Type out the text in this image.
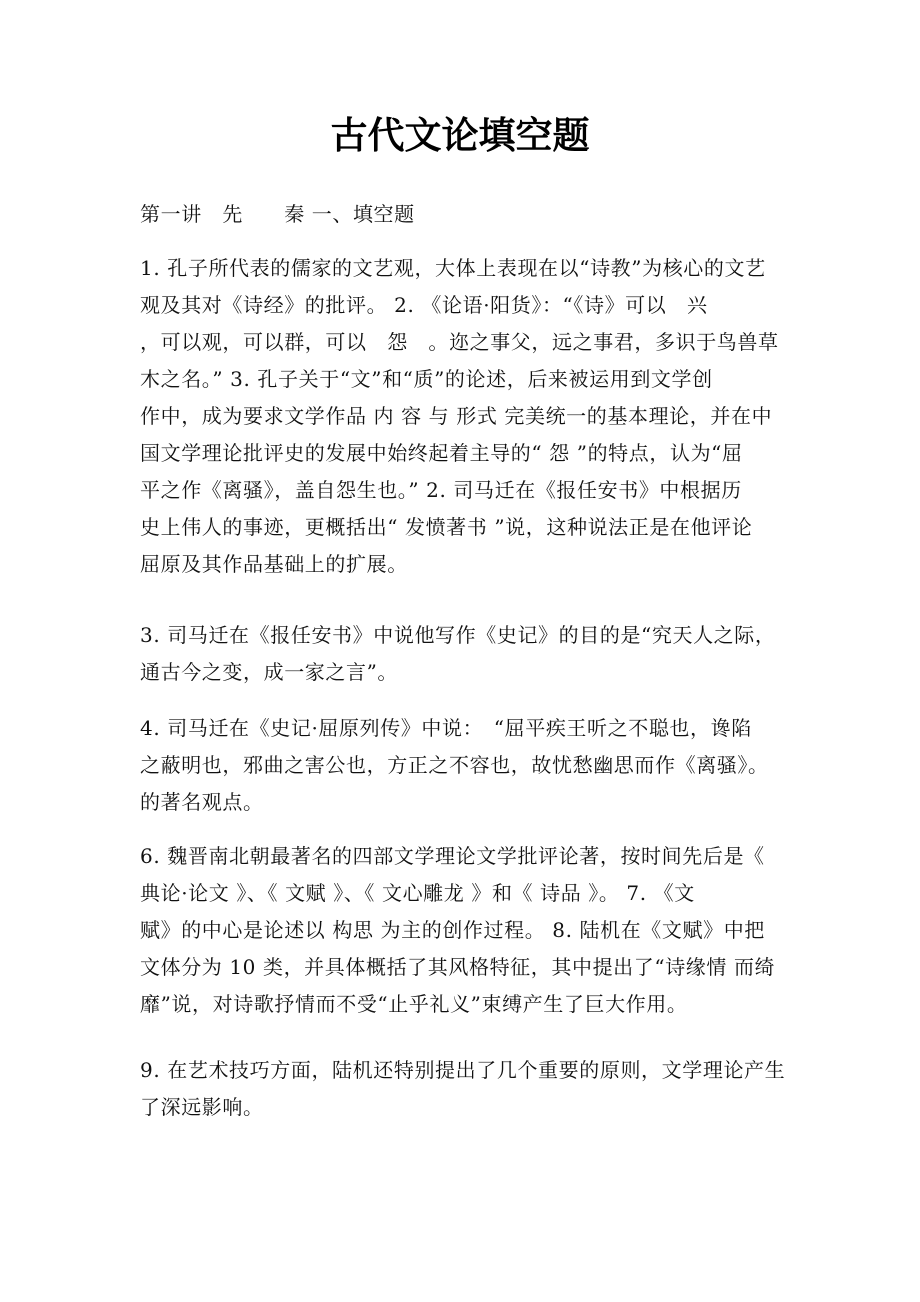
古代文论填空题
第一讲　先　　秦 一、填空题
1. 孔子所代表的儒家的文艺观，大体上表现在以“诗教”为核心的文艺
观及其对《诗经》的批评。 2. 《论语·阳货》：“《诗》可以　兴
，可以观，可以群，可以　怨　。迩之事父，远之事君，多识于鸟兽草
木之名。” 3. 孔子关于“文”和“质”的论述，后来被运用到文学创
作中，成为要求文学作品 内 容 与 形式 完美统一的基本理论，并在中
国文学理论批评史的发展中始终起着主导的“ 怨 ”的特点，认为“屈
平之作《离骚》，盖自怨生也。” 2. 司马迁在《报任安书》中根据历
史上伟人的事迹，更概括出“ 发愤著书 ”说，这种说法正是在他评论
屈原及其作品基础上的扩展。
3. 司马迁在《报任安书》中说他写作《史记》的目的是“究天人之际，
通古今之变，成一家之言”。
4. 司马迁在《史记·屈原列传》中说：　“屈平疾王听之不聪也，谗陷
之蔽明也，邪曲之害公也，方正之不容也，故忧愁幽思而作《离骚》。
的著名观点。
6. 魏晋南北朝最著名的四部文学理论文学批评论著，按时间先后是《
典论·论文 》、《 文赋 》、《 文心雕龙 》和《 诗品 》。 7. 《文
赋》的中心是论述以 构思 为主的创作过程。 8. 陆机在《文赋》中把
文体分为 10 类，并具体概括了其风格特征，其中提出了“诗缘情 而绮
靡”说，对诗歌抒情而不受“止乎礼义”束缚产生了巨大作用。
9. 在艺术技巧方面，陆机还特别提出了几个重要的原则，文学理论产生
了深远影响。
